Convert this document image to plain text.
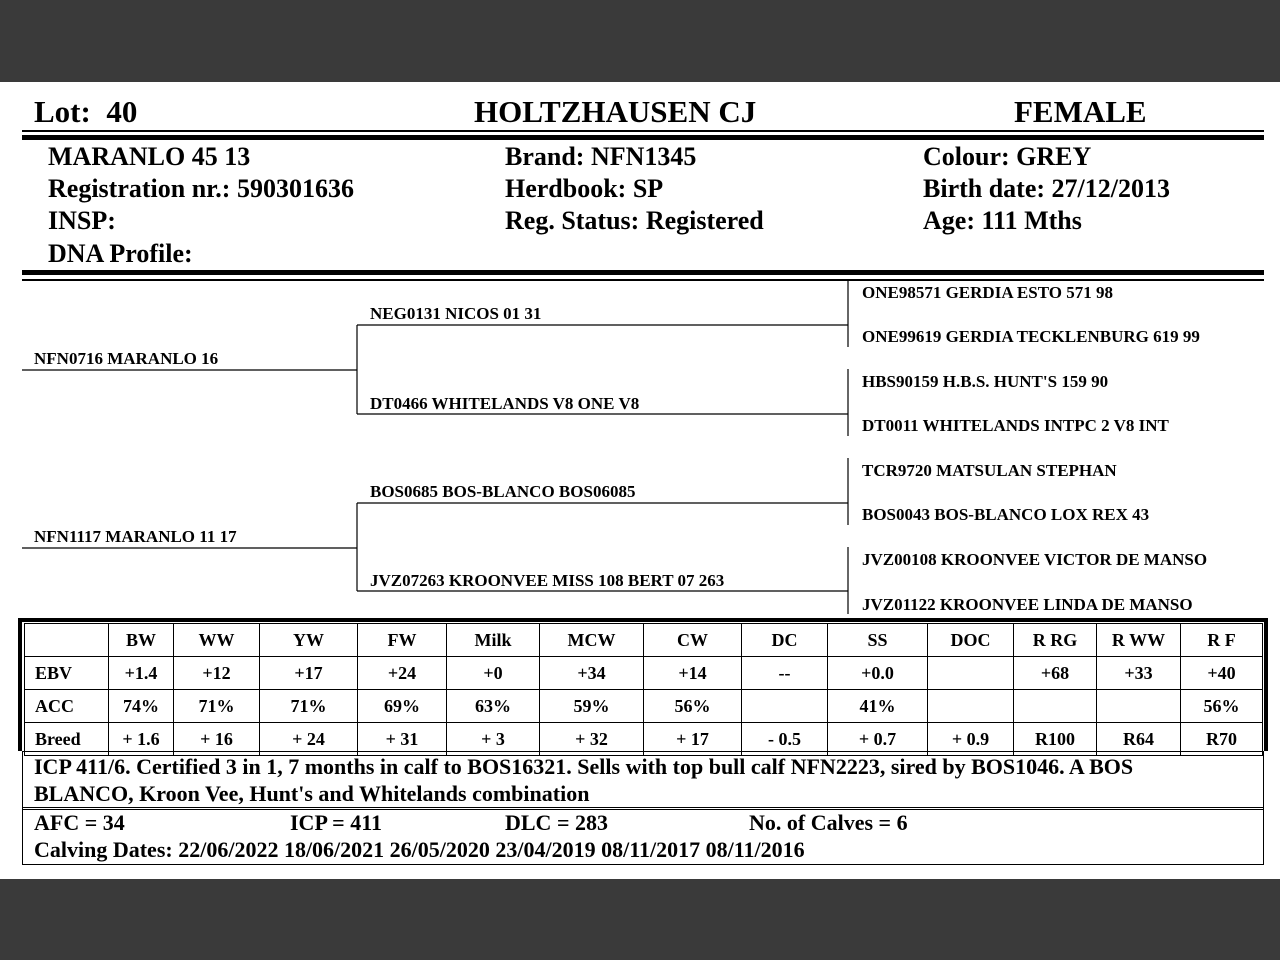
Lot: 40	HOLTZHAUSEN CJ	FEMALE
MARANLO 45 13
Registration nr.: 590301636
INSP:
DNA Profile:
Brand: NFN1345
Herdbook: SP
Reg. Status: Registered
Colour: GREY
Birth date: 27/12/2013
Age: 111 Mths
NFN0716 MARANLO 16
NFN1117 MARANLO 11 17
NEG0131 NICOS 01 31
DT0466 WHITELANDS V8 ONE V8
BOS0685 BOS-BLANCO BOS06085
JVZ07263 KROONVEE MISS 108 BERT 07 263
ONE98571 GERDIA ESTO 571 98
ONE99619 GERDIA TECKLENBURG 619 99
HBS90159 H.B.S. HUNT'S 159 90
DT0011 WHITELANDS INTPC 2 V8 INT
TCR9720 MATSULAN STEPHAN
BOS0043 BOS-BLANCO LOX REX 43
JVZ00108 KROONVEE VICTOR DE MANSO
JVZ01122 KROONVEE LINDA DE MANSO
	BW	WW	YW	FW	Milk	MCW	CW	DC	SS	DOC	R RG	R WW	R F
EBV	+1.4	+12	+17	+24	+0	+34	+14	--	+0.0		+68	+33	+40
ACC	74%	71%	71%	69%	63%	59%	56%		41%				56%
Breed	+ 1.6	+ 16	+ 24	+ 31	+ 3	+ 32	+ 17	- 0.5	+ 0.7	+ 0.9	R100	R64	R70
ICP 411/6. Certified 3 in 1, 7 months in calf to BOS16321. Sells with top bull calf NFN2223, sired by BOS1046. A BOS
BLANCO, Kroon Vee, Hunt's and Whitelands combination
AFC = 34	ICP = 411	DLC = 283	No. of Calves = 6
Calving Dates: 22/06/2022 18/06/2021 26/05/2020 23/04/2019 08/11/2017 08/11/2016
